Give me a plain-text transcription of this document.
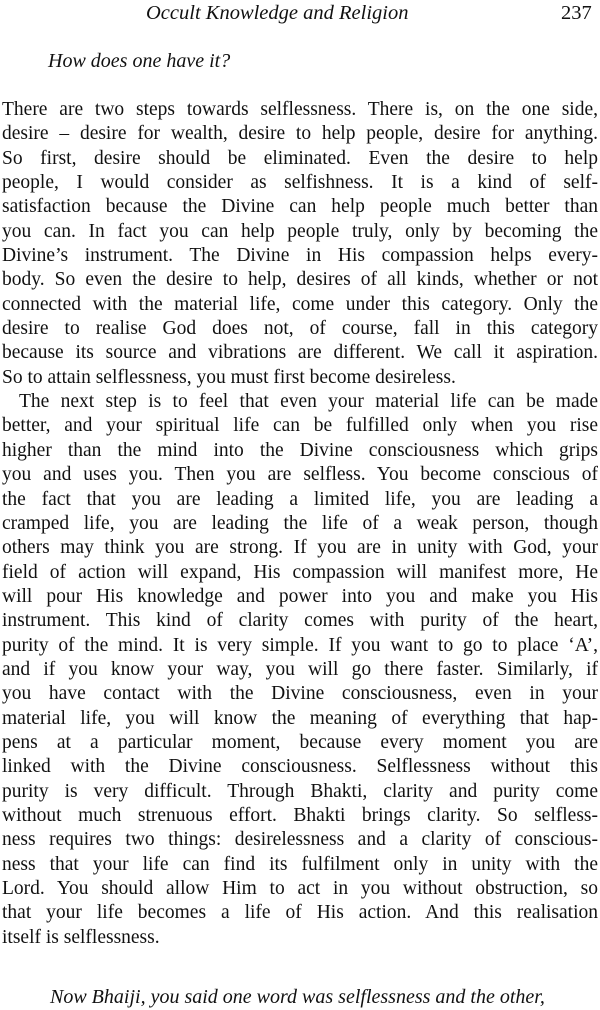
Occult Knowledge and Religion	237
How does one have it?
There are two steps towards selflessness. There is, on the one side,
desire – desire for wealth, desire to help people, desire for anything.
So first, desire should be eliminated. Even the desire to help
people, I would consider as selfishness. It is a kind of self-
satisfaction because the Divine can help people much better than
you can. In fact you can help people truly, only by becoming the
Divine’s instrument. The Divine in His compassion helps every-
body. So even the desire to help, desires of all kinds, whether or not
connected with the material life, come under this category. Only the
desire to realise God does not, of course, fall in this category
because its source and vibrations are different. We call it aspiration.
So to attain selflessness, you must first become desireless.
The next step is to feel that even your material life can be made
better, and your spiritual life can be fulfilled only when you rise
higher than the mind into the Divine consciousness which grips
you and uses you. Then you are selfless. You become conscious of
the fact that you are leading a limited life, you are leading a
cramped life, you are leading the life of a weak person, though
others may think you are strong. If you are in unity with God, your
field of action will expand, His compassion will manifest more, He
will pour His knowledge and power into you and make you His
instrument. This kind of clarity comes with purity of the heart,
purity of the mind. It is very simple. If you want to go to place ‘A’,
and if you know your way, you will go there faster. Similarly, if
you have contact with the Divine consciousness, even in your
material life, you will know the meaning of everything that hap-
pens at a particular moment, because every moment you are
linked with the Divine consciousness. Selflessness without this
purity is very difficult. Through Bhakti, clarity and purity come
without much strenuous effort. Bhakti brings clarity. So selfless-
ness requires two things: desirelessness and a clarity of conscious-
ness that your life can find its fulfilment only in unity with the
Lord. You should allow Him to act in you without obstruction, so
that your life becomes a life of His action. And this realisation
itself is selflessness.
Now Bhaiji, you said one word was selflessness and the other,
